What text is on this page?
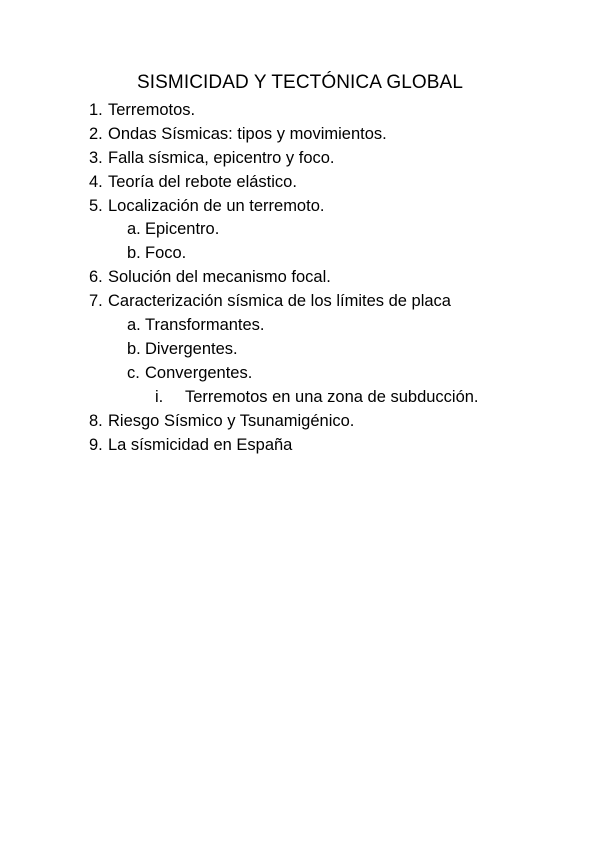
SISMICIDAD Y TECTÓNICA GLOBAL
1. Terremotos.
2. Ondas Sísmicas: tipos y movimientos.
3. Falla sísmica, epicentro y foco.
4. Teoría del rebote elástico.
5. Localización de un terremoto.
a. Epicentro.
b. Foco.
6. Solución del mecanismo focal.
7. Caracterización sísmica de los límites de placa
a. Transformantes.
b. Divergentes.
c. Convergentes.
i. Terremotos en una zona de subducción.
8. Riesgo Sísmico y Tsunamigénico.
9. La sísmicidad en España
